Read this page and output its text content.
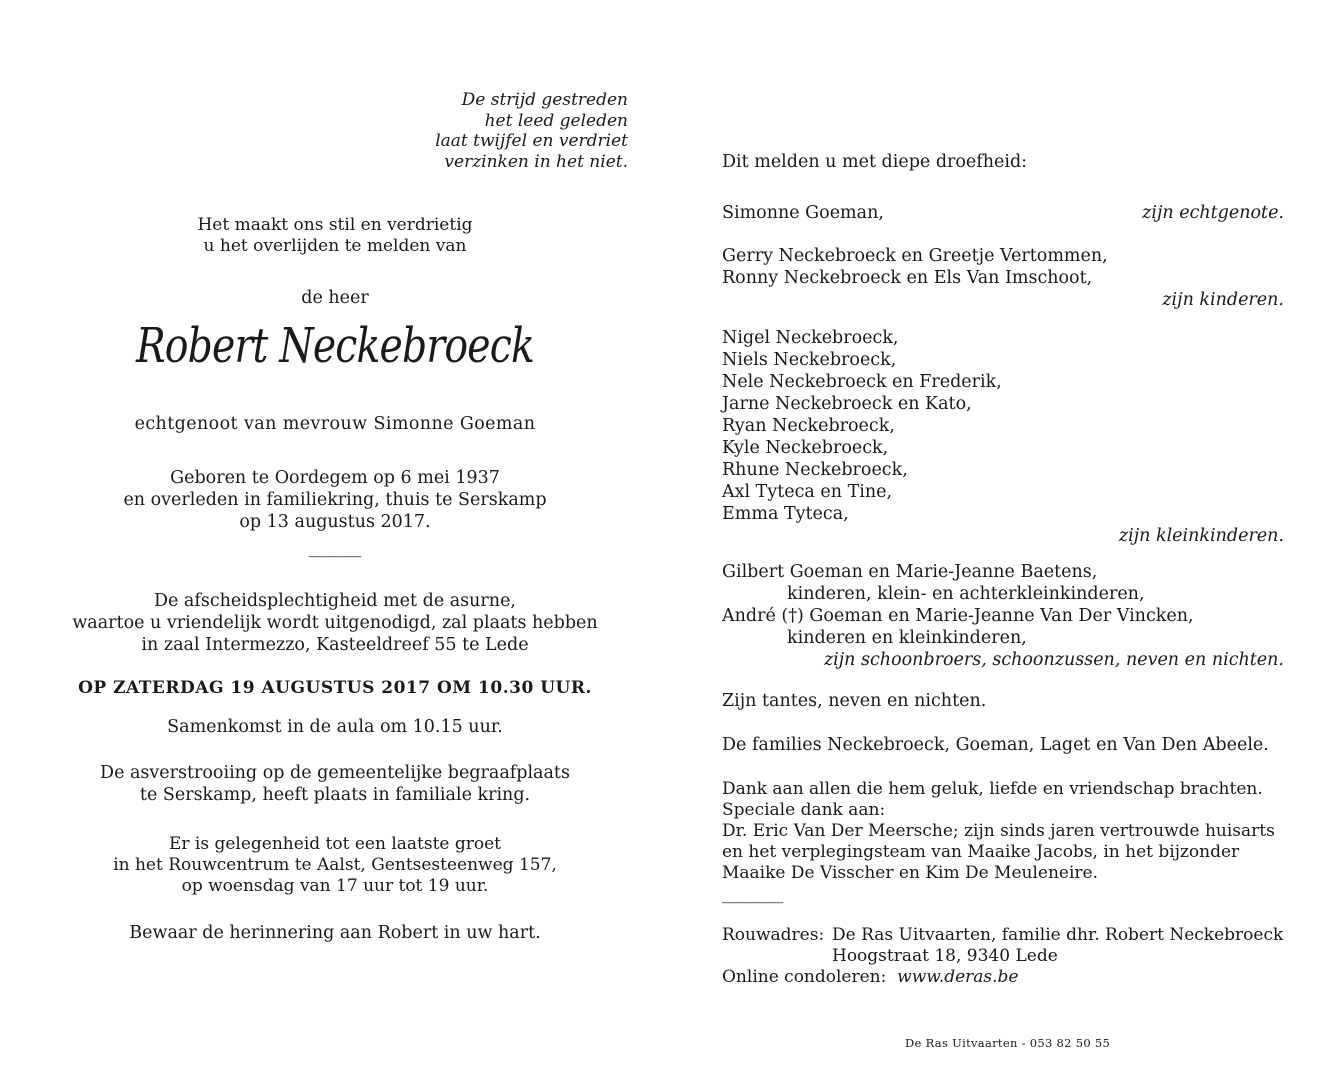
De strijd gestreden
het leed geleden
laat twijfel en verdriet
verzinken in het niet.
Het maakt ons stil en verdrietig
u het overlijden te melden van
de heer
Robert Neckebroeck
echtgenoot van mevrouw Simonne Goeman
Geboren te Oordegem op 6 mei 1937
en overleden in familiekring, thuis te Serskamp
op 13 augustus 2017.
______
De afscheidsplechtigheid met de asurne,
waartoe u vriendelijk wordt uitgenodigd, zal plaats hebben
in zaal Intermezzo, Kasteeldreef 55 te Lede
OP ZATERDAG 19 AUGUSTUS 2017 OM 10.30 UUR.
Samenkomst in de aula om 10.15 uur.
De asverstrooiing op de gemeentelijke begraafplaats
te Serskamp, heeft plaats in familiale kring.
Er is gelegenheid tot een laatste groet
in het Rouwcentrum te Aalst, Gentsesteenweg 157,
op woensdag van 17 uur tot 19 uur.
Bewaar de herinnering aan Robert in uw hart.
Dit melden u met diepe droefheid:
Simonne Goeman,	zijn echtgenote.
Gerry Neckebroeck en Greetje Vertommen,
Ronny Neckebroeck en Els Van Imschoot,
zijn kinderen.
Nigel Neckebroeck,
Niels Neckebroeck,
Nele Neckebroeck en Frederik,
Jarne Neckebroeck en Kato,
Ryan Neckebroeck,
Kyle Neckebroeck,
Rhune Neckebroeck,
Axl Tyteca en Tine,
Emma Tyteca,
zijn kleinkinderen.
Gilbert Goeman en Marie-Jeanne Baetens,
kinderen, klein- en achterkleinkinderen,
André (†) Goeman en Marie-Jeanne Van Der Vincken,
kinderen en kleinkinderen,
zijn schoonbroers, schoonzussen, neven en nichten.
Zijn tantes, neven en nichten.
De families Neckebroeck, Goeman, Laget en Van Den Abeele.
Dank aan allen die hem geluk, liefde en vriendschap brachten.
Speciale dank aan:
Dr. Eric Van Der Meersche; zijn sinds jaren vertrouwde huisarts
en het verplegingsteam van Maaike Jacobs, in het bijzonder
Maaike De Visscher en Kim De Meuleneire.
_______
Rouwadres: De Ras Uitvaarten, familie dhr. Robert Neckebroeck
Hoogstraat 18, 9340 Lede
Online condoleren: www.deras.be
De Ras Uitvaarten - 053 82 50 55
